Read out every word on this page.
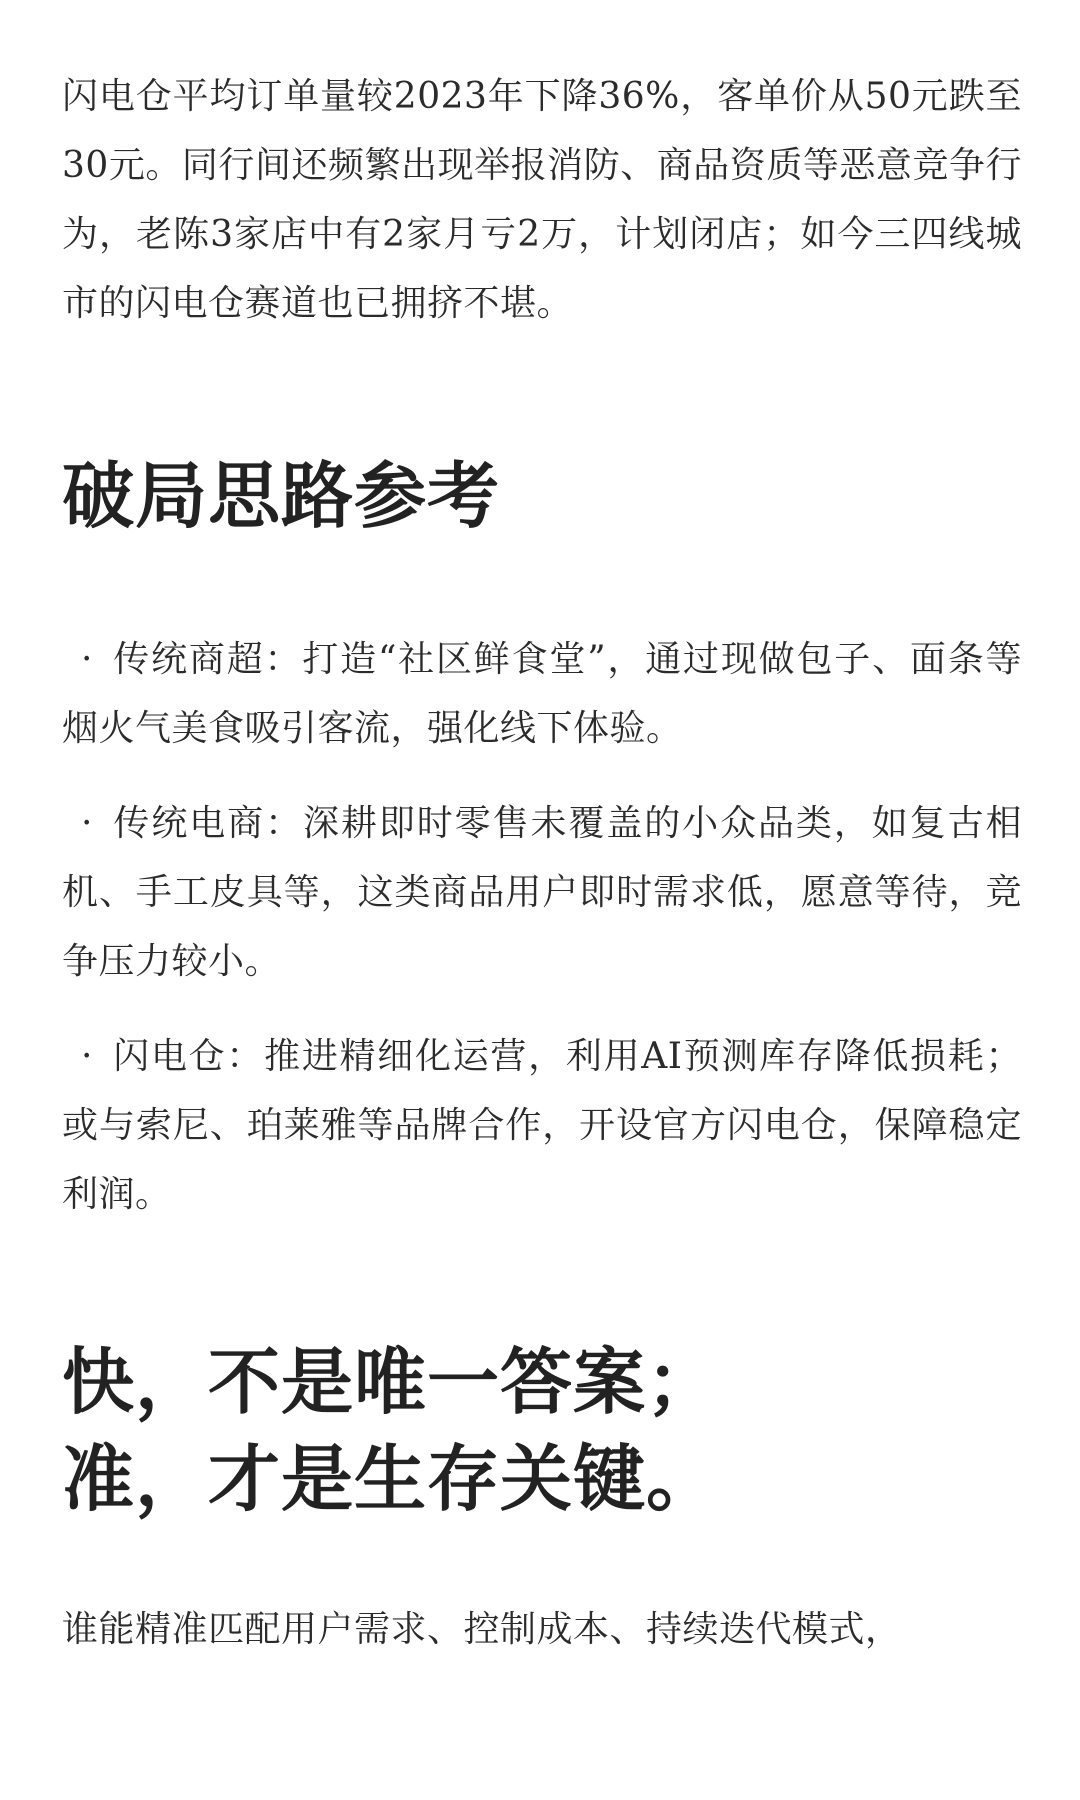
闪电仓平均订单量较2023年下降36%，客单价从50元跌至30元。同行间还频繁出现举报消防、商品资质等恶意竞争行为，老陈3家店中有2家月亏2万，计划闭店；如今三四线城市的闪电仓赛道也已拥挤不堪。

破局思路参考

· 传统商超：打造“社区鲜食堂”，通过现做包子、面条等烟火气美食吸引客流，强化线下体验。

· 传统电商：深耕即时零售未覆盖的小众品类，如复古相机、手工皮具等，这类商品用户即时需求低，愿意等待，竞争压力较小。

· 闪电仓：推进精细化运营，利用AI预测库存降低损耗；或与索尼、珀莱雅等品牌合作，开设官方闪电仓，保障稳定利润。

快，不是唯一答案；

准，才是生存关键。

谁能精准匹配用户需求、控制成本、持续迭代模式，
